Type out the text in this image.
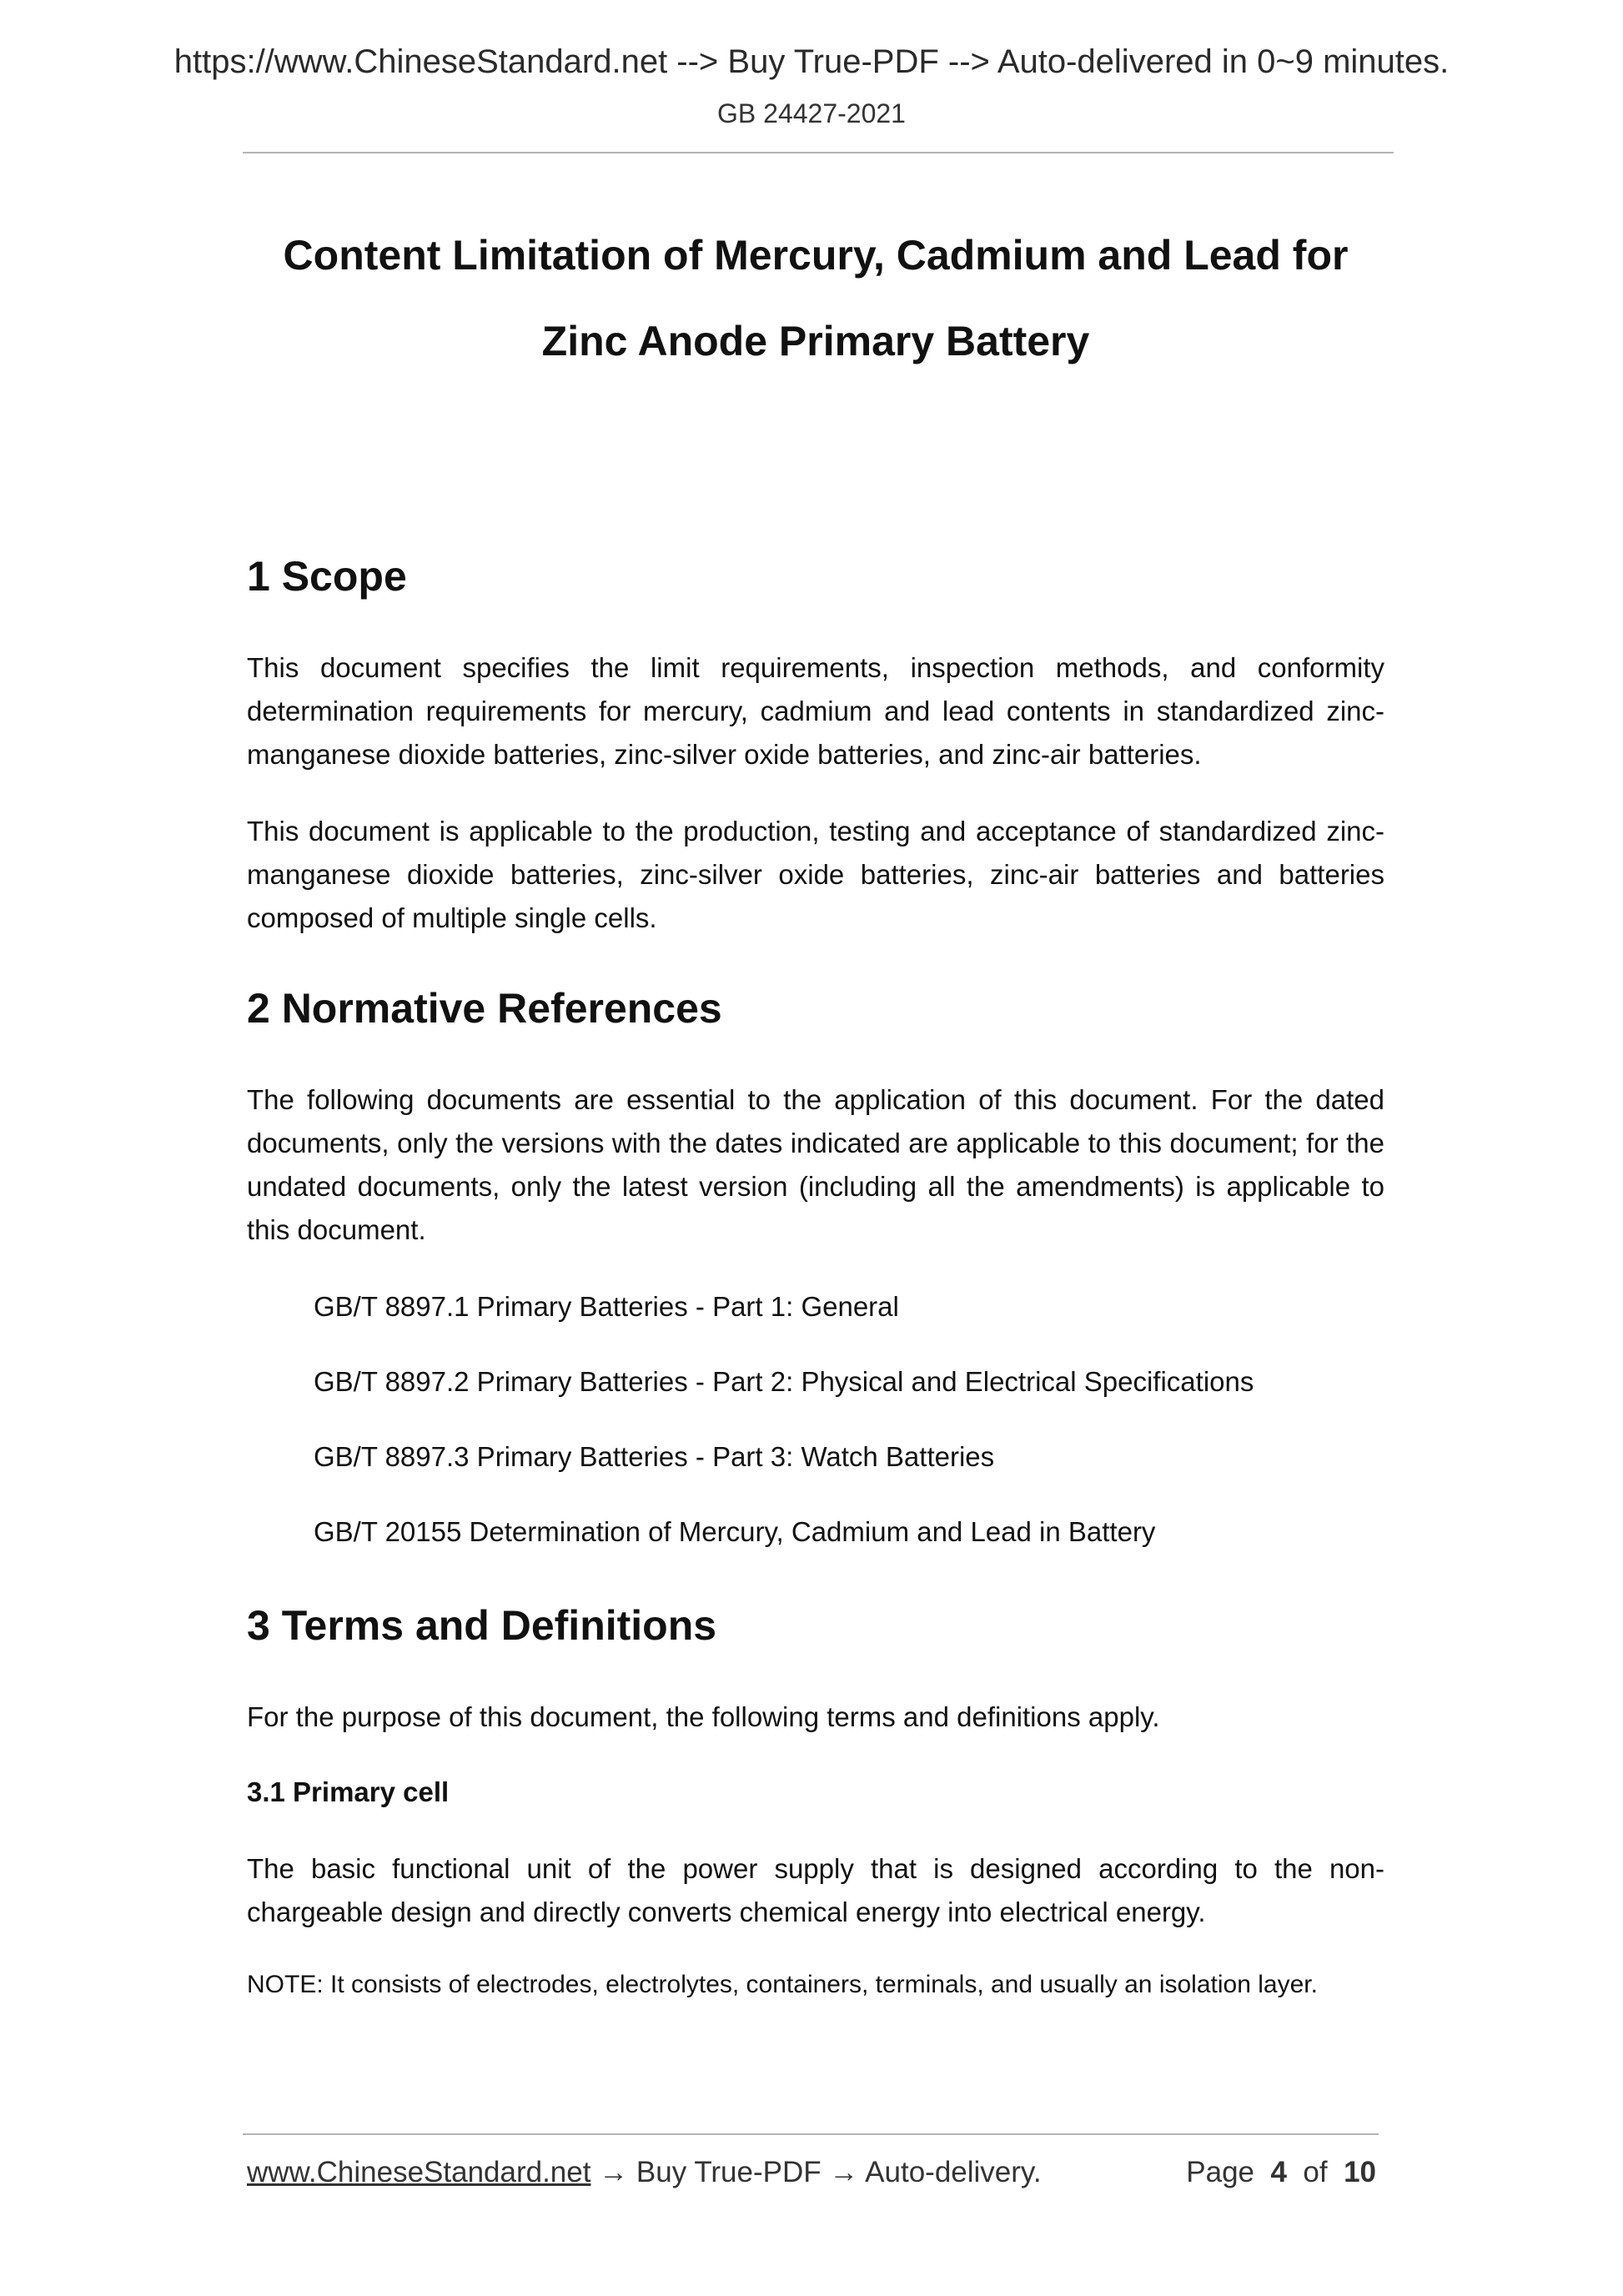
https://www.ChineseStandard.net --> Buy True-PDF --> Auto-delivered in 0~9 minutes.
GB 24427-2021
Content Limitation of Mercury, Cadmium and Lead for
Zinc Anode Primary Battery
1 Scope

This document specifies the limit requirements, inspection methods, and conformity determination requirements for mercury, cadmium and lead contents in standardized zinc-manganese dioxide batteries, zinc-silver oxide batteries, and zinc-air batteries.

This document is applicable to the production, testing and acceptance of standardized zinc-manganese dioxide batteries, zinc-silver oxide batteries, zinc-air batteries and batteries composed of multiple single cells.

2 Normative References

The following documents are essential to the application of this document. For the dated documents, only the versions with the dates indicated are applicable to this document; for the undated documents, only the latest version (including all the amendments) is applicable to this document.

GB/T 8897.1 Primary Batteries - Part 1: General
GB/T 8897.2 Primary Batteries - Part 2: Physical and Electrical Specifications
GB/T 8897.3 Primary Batteries - Part 3: Watch Batteries
GB/T 20155 Determination of Mercury, Cadmium and Lead in Battery
3 Terms and Definitions

For the purpose of this document, the following terms and definitions apply.

3.1 Primary cell

The basic functional unit of the power supply that is designed according to the non-chargeable design and directly converts chemical energy into electrical energy.

NOTE: It consists of electrodes, electrolytes, containers, terminals, and usually an isolation layer.

www.ChineseStandard.net → Buy True-PDF → Auto-delivery.	Page 4 of 10
